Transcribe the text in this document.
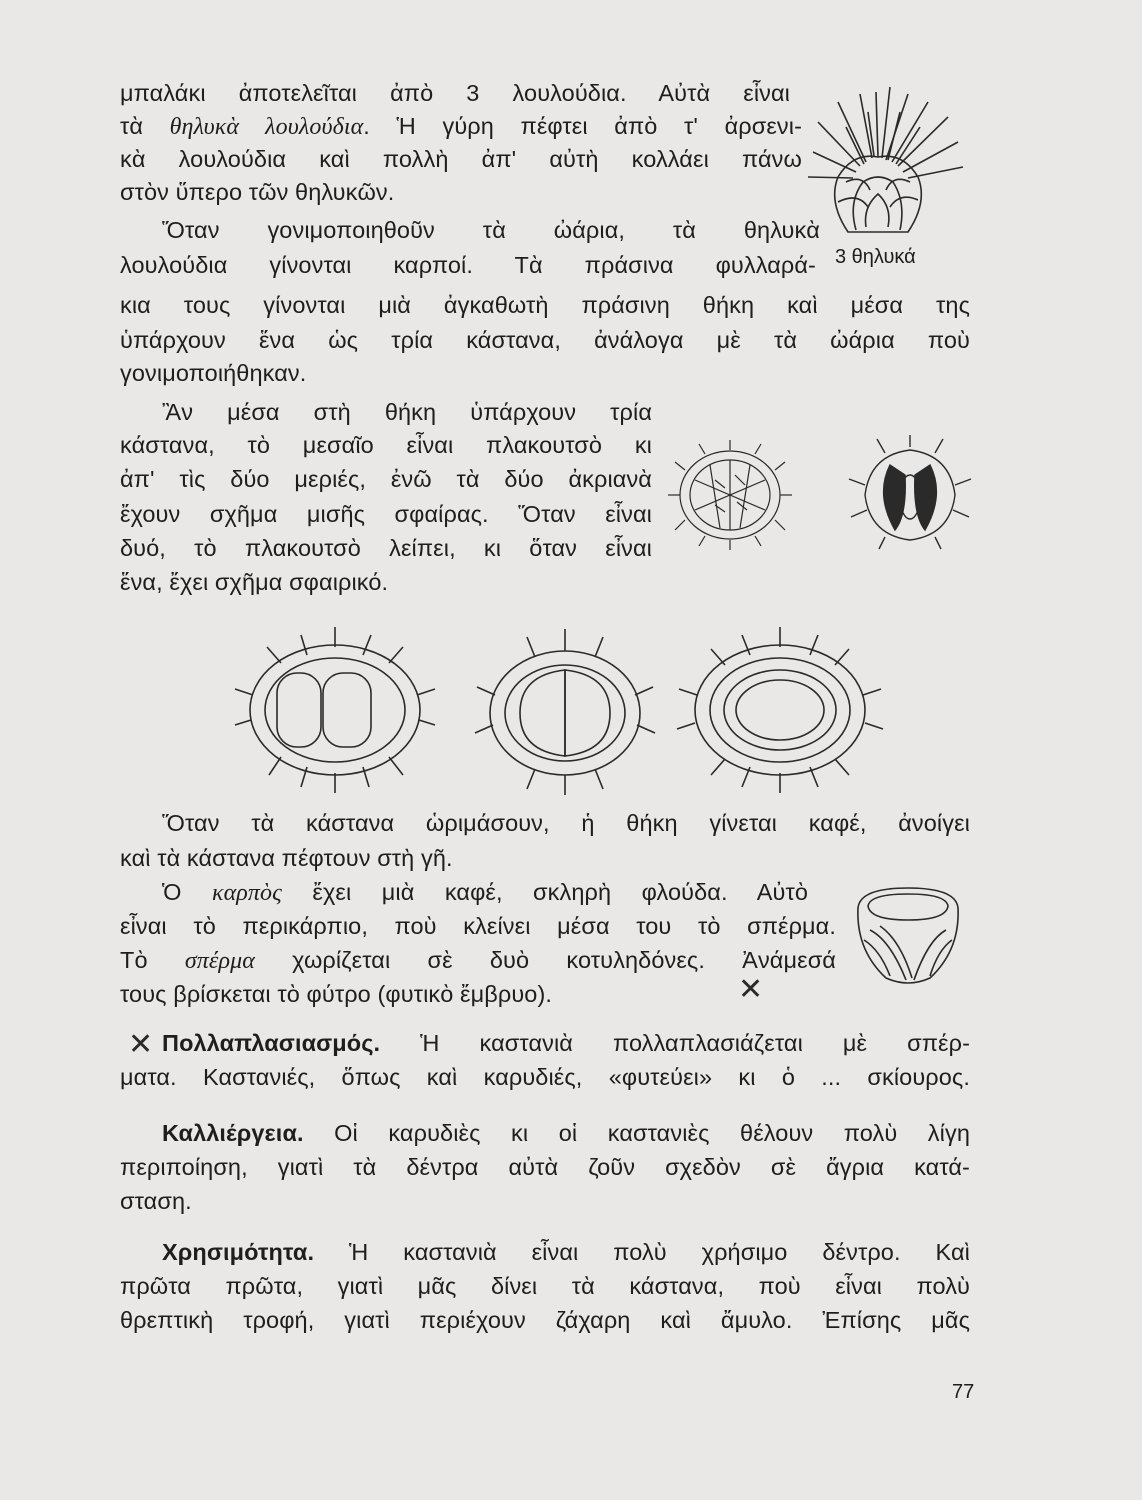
μπαλάκι ἀποτελεῖται ἀπὸ 3 λουλούδια. Αὐτὰ εἶναι
τὰ θηλυκὰ λουλούδια. Ἡ γύρη πέφτει ἀπὸ τ' ἀρσενι-
κὰ λουλούδια καὶ πολλὴ ἀπ' αὐτὴ κολλάει πάνω
στὸν ὕπερο τῶν θηλυκῶν.
Ὅταν γονιμοποιηθοῦν τὰ ὠάρια, τὰ θηλυκὰ
λουλούδια γίνονται καρποί. Τὰ πράσινα φυλλαρά-
κια τους γίνονται μιὰ ἀγκαθωτὴ πράσινη θήκη καὶ μέσα της
ὑπάρχουν ἕνα ὡς τρία κάστανα, ἀνάλογα μὲ τὰ ὠάρια ποὺ
γονιμοποιήθηκαν.
Ἂν μέσα στὴ θήκη ὑπάρχουν τρία
κάστανα, τὸ μεσαῖο εἶναι πλακουτσὸ κι
ἀπ' τὶς δύο μεριές, ἐνῶ τὰ δύο ἀκριανὰ
ἔχουν σχῆμα μισῆς σφαίρας. Ὅταν εἶναι
δυό, τὸ πλακουτσὸ λείπει, κι ὅταν εἶναι
ἕνα, ἔχει σχῆμα σφαιρικό.
Ὅταν τὰ κάστανα ὡριμάσουν, ἡ θήκη γίνεται καφέ, ἀνοίγει
καὶ τὰ κάστανα πέφτουν στὴ γῆ.
Ὁ καρπὸς ἔχει μιὰ καφέ, σκληρὴ φλούδα. Αὐτὸ
εἶναι τὸ περικάρπιο, ποὺ κλείνει μέσα του τὸ σπέρμα.
Τὸ σπέρμα χωρίζεται σὲ δυὸ κοτυληδόνες. Ἀνάμεσά
τους βρίσκεται τὸ φύτρο (φυτικὸ ἔμβρυο).
Πολλαπλασιασμός. Ἡ καστανιὰ πολλαπλασιάζεται μὲ σπέρ-
ματα. Καστανιές, ὅπως καὶ καρυδιές, «φυτεύει» κι ὁ ... σκίουρος.
Καλλιέργεια. Οἱ καρυδιὲς κι οἱ καστανιὲς θέλουν πολὺ λίγη
περιποίηση, γιατὶ τὰ δέντρα αὐτὰ ζοῦν σχεδὸν σὲ ἄγρια κατά-
σταση.
Χρησιμότητα. Ἡ καστανιὰ εἶναι πολὺ χρήσιμο δέντρο. Καὶ
πρῶτα πρῶτα, γιατὶ μᾶς δίνει τὰ κάστανα, ποὺ εἶναι πολὺ
θρεπτικὴ τροφή, γιατὶ περιέχουν ζάχαρη καὶ ἄμυλο. Ἐπίσης μᾶς
3 θηλυκά
✕
✕
77
